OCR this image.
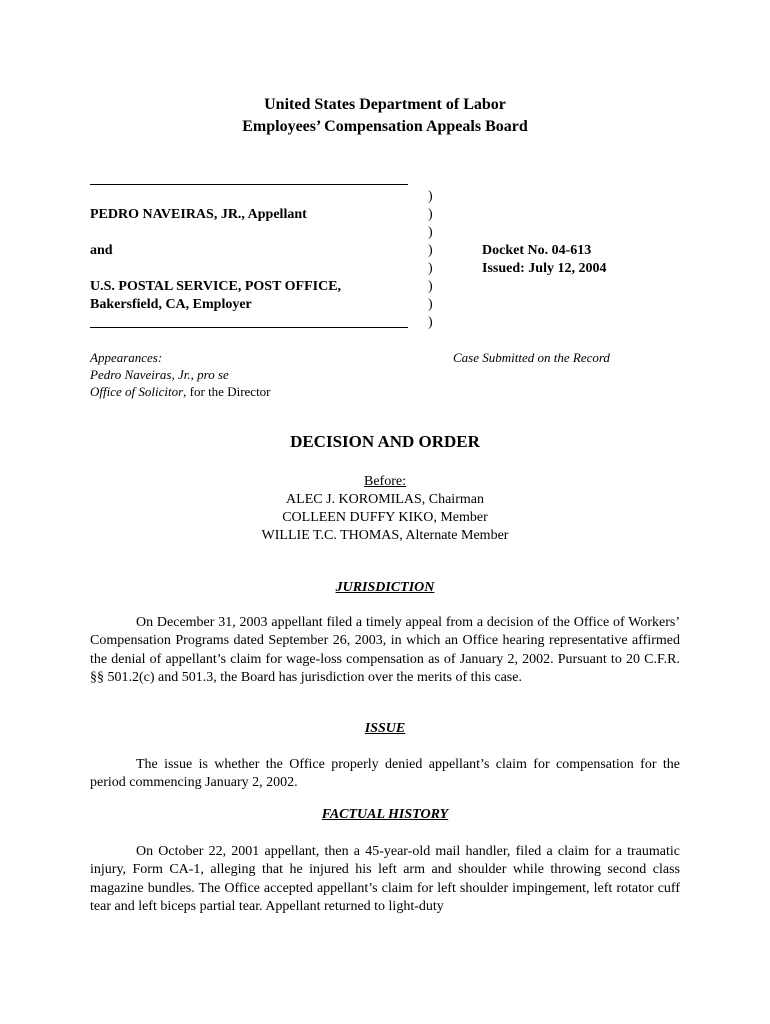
United States Department of Labor
Employees’ Compensation Appeals Board
PEDRO NAVEIRAS, JR., Appellant
and
U.S. POSTAL SERVICE, POST OFFICE,
Bakersfield, CA, Employer
)
)
)
)
)
)
)
)
Docket No. 04-613
Issued: July 12, 2004
Appearances:
Pedro Naveiras, Jr., pro se
Office of Solicitor, for the Director
Case Submitted on the Record
DECISION AND ORDER
Before:
ALEC J. KOROMILAS, Chairman
COLLEEN DUFFY KIKO, Member
WILLIE T.C. THOMAS, Alternate Member
JURISDICTION
On December 31, 2003 appellant filed a timely appeal from a decision of the Office of Workers’ Compensation Programs dated September 26, 2003, in which an Office hearing representative affirmed the denial of appellant’s claim for wage-loss compensation as of January 2, 2002. Pursuant to 20 C.F.R. §§ 501.2(c) and 501.3, the Board has jurisdiction over the merits of this case.
ISSUE
The issue is whether the Office properly denied appellant’s claim for compensation for the period commencing January 2, 2002.
FACTUAL HISTORY
On October 22, 2001 appellant, then a 45-year-old mail handler, filed a claim for a traumatic injury, Form CA-1, alleging that he injured his left arm and shoulder while throwing second class magazine bundles. The Office accepted appellant’s claim for left shoulder impingement, left rotator cuff tear and left biceps partial tear. Appellant returned to light-duty
